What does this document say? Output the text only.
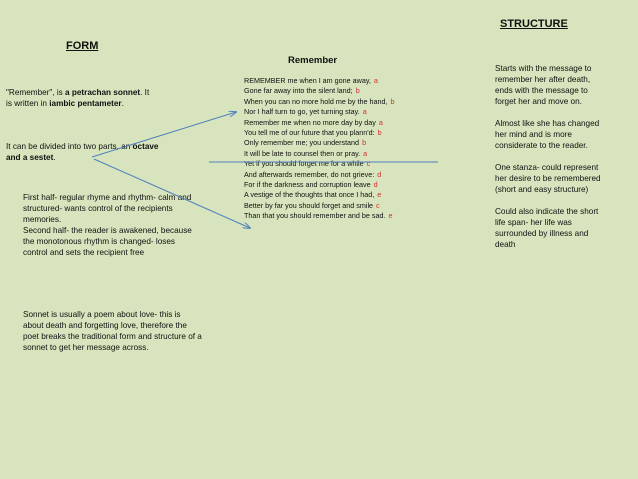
FORM
"Remember", is a petrachan sonnet. It is written in iambic pentameter.
It can be divided into two parts, an octave and a sestet.

First half- regular rhyme and rhythm- calm and structured- wants control of the recipients memories.

Second half- the reader is awakened, because the monotonous rhythm is changed- loses control and sets the recipient free

Sonnet is usually a poem about love- this is about death and forgetting love, therefore the poet breaks the traditional form and structure of a sonnet to get her message across.
Remember
REMEMBER me when I am gone away, a
Gone far away into the silent land; b
When you can no more hold me by the hand, b
Nor I half turn to go, yet turning stay. a
Remember me when no more day by day a
You tell me of our future that you plann'd: b
Only remember me; you understand b
It will be late to counsel then or pray. a
Yet if you should forget me for a while c
And afterwards remember, do not grieve: d
For if the darkness and corruption leave d
A vestige of the thoughts that once I had, e
Better by far you should forget and smile c
Than that you should remember and be sad. e
STRUCTURE

Starts with the message to remember her after death, ends with the message to forget her and move on.

Almost like she has changed her mind and is more considerate to the reader.

One stanza- could represent her desire to be remembered (short and easy structure)

Could also indicate the short life span- her life was surrounded by illness and death
